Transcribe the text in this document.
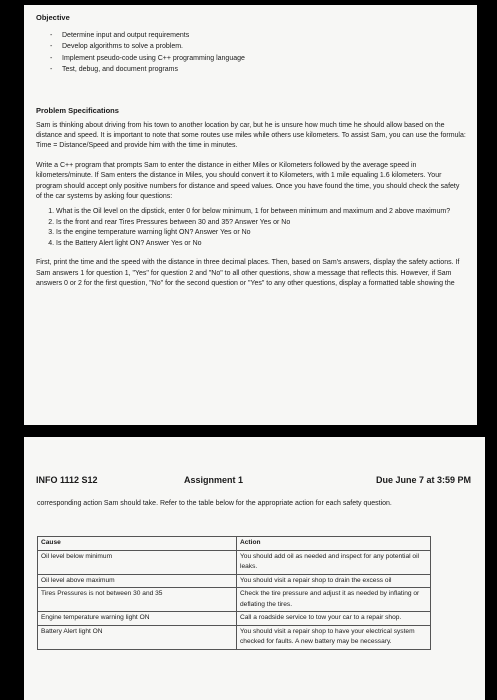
Objective
- Determine input and output requirements
- Develop algorithms to solve a problem.
- Implement pseudo-code using C++ programming language
- Test, debug, and document programs
Problem Specifications

Sam is thinking about driving from his town to another location by car, but he is unsure how much time he should allow based on the distance and speed. It is important to note that some routes use miles while others use kilometers. To assist Sam, you can use the formula: Time = Distance/Speed and provide him with the time in minutes.

Write a C++ program that prompts Sam to enter the distance in either Miles or Kilometers followed by the average speed in kilometers/minute. If Sam enters the distance in Miles, you should convert it to Kilometers, with 1 mile equaling 1.6 kilometers. Your program should accept only positive numbers for distance and speed values. Once you have found the time, you should check the safety of the car systems by asking four questions:

1. What is the Oil level on the dipstick, enter 0 for below minimum, 1 for between minimum and maximum and 2 above maximum?
2. Is the front and rear Tires Pressures between 30 and 35? Answer Yes or No
3. Is the engine temperature warning light ON? Answer Yes or No
4. Is the Battery Alert light ON? Answer Yes or No

First, print the time and the speed with the distance in three decimal places. Then, based on Sam's answers, display the safety actions. If Sam answers 1 for question 1, "Yes" for question 2 and "No" to all other questions, show a message that reflects this. However, if Sam answers 0 or 2 for the first question, "No" for the second question or "Yes" to any other questions, display a formatted table showing the

INFO 1112 S12	Assignment 1	Due June 7 at 3:59 PM

corresponding action Sam should take. Refer to the table below for the appropriate action for each safety question.

Cause	Action
Oil level below minimum	You should add oil as needed and inspect for any potential oil leaks.
Oil level above maximum	You should visit a repair shop to drain the excess oil
Tires Pressures is not between 30 and 35	Check the tire pressure and adjust it as needed by inflating or deflating the tires.
Engine temperature warning light ON	Call a roadside service to tow your car to a repair shop.
Battery Alert light ON	You should visit a repair shop to have your electrical system checked for faults. A new battery may be necessary.
